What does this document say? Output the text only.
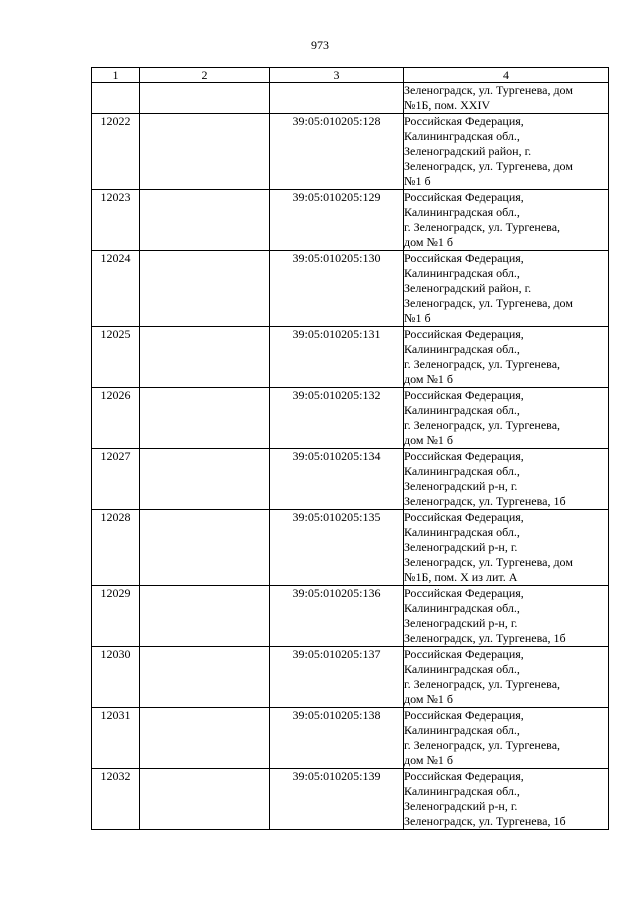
973
1	2	3	4
			Зеленоградск, ул. Тургенева, дом
№1Б, пом. XXIV
12022		39:05:010205:128	Российская Федерация,
Калининградская обл.,
Зеленоградский район, г.
Зеленоградск, ул. Тургенева, дом
№1 б
12023		39:05:010205:129	Российская Федерация,
Калининградская обл.,
г. Зеленоградск, ул. Тургенева,
дом №1 б
12024		39:05:010205:130	Российская Федерация,
Калининградская обл.,
Зеленоградский район, г.
Зеленоградск, ул. Тургенева, дом
№1 б
12025		39:05:010205:131	Российская Федерация,
Калининградская обл.,
г. Зеленоградск, ул. Тургенева,
дом №1 б
12026		39:05:010205:132	Российская Федерация,
Калининградская обл.,
г. Зеленоградск, ул. Тургенева,
дом №1 б
12027		39:05:010205:134	Российская Федерация,
Калининградская обл.,
Зеленоградский р-н, г.
Зеленоградск, ул. Тургенева, 1б
12028		39:05:010205:135	Российская Федерация,
Калининградская обл.,
Зеленоградский р-н, г.
Зеленоградск, ул. Тургенева, дом
№1Б, пом. X из лит. А
12029		39:05:010205:136	Российская Федерация,
Калининградская обл.,
Зеленоградский р-н, г.
Зеленоградск, ул. Тургенева, 1б
12030		39:05:010205:137	Российская Федерация,
Калининградская обл.,
г. Зеленоградск, ул. Тургенева,
дом №1 б
12031		39:05:010205:138	Российская Федерация,
Калининградская обл.,
г. Зеленоградск, ул. Тургенева,
дом №1 б
12032		39:05:010205:139	Российская Федерация,
Калининградская обл.,
Зеленоградский р-н, г.
Зеленоградск, ул. Тургенева, 1б
